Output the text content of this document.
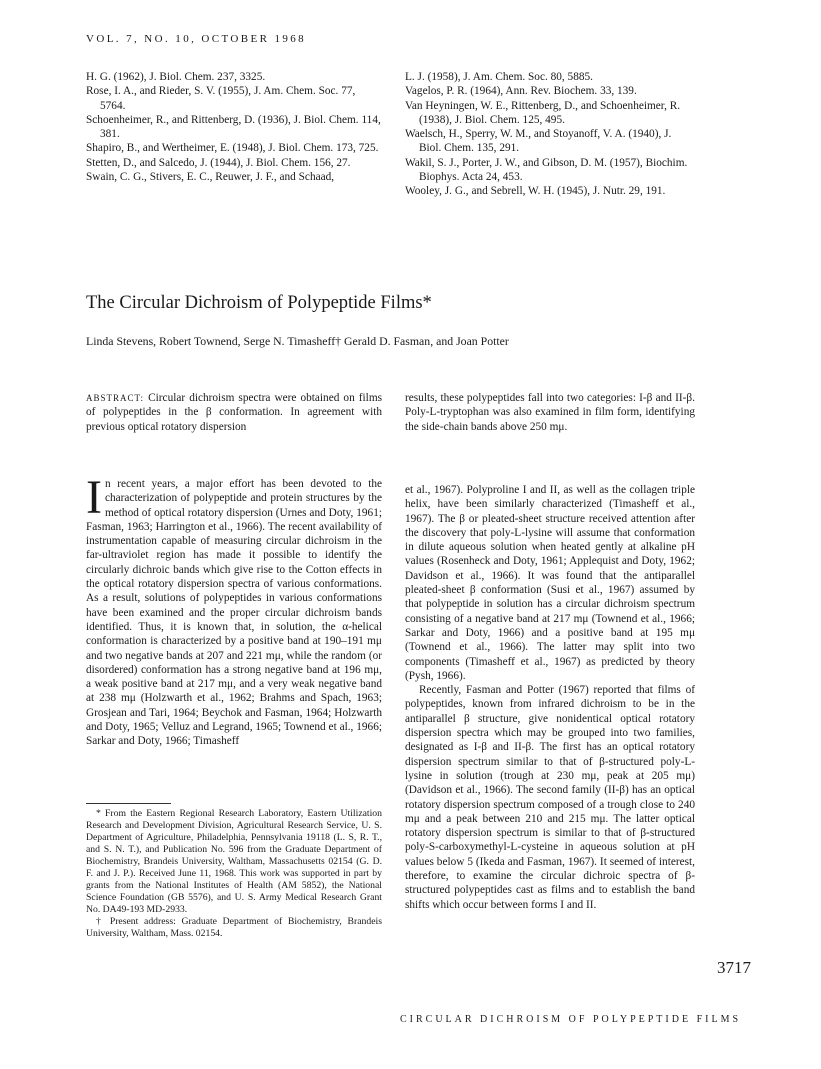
VOL. 7, NO. 10, OCTOBER 1968

H. G. (1962), J. Biol. Chem. 237, 3325.

Rose, I. A., and Rieder, S. V. (1955), J. Am. Chem. Soc. 77, 5764.

Schoenheimer, R., and Rittenberg, D. (1936), J. Biol. Chem. 114, 381.

Shapiro, B., and Wertheimer, E. (1948), J. Biol. Chem. 173, 725.

Stetten, D., and Salcedo, J. (1944), J. Biol. Chem. 156, 27.

Swain, C. G., Stivers, E. C., Reuwer, J. F., and Schaad,

L. J. (1958), J. Am. Chem. Soc. 80, 5885.

Vagelos, P. R. (1964), Ann. Rev. Biochem. 33, 139.

Van Heyningen, W. E., Rittenberg, D., and Schoenheimer, R. (1938), J. Biol. Chem. 125, 495.

Waelsch, H., Sperry, W. M., and Stoyanoff, V. A. (1940), J. Biol. Chem. 135, 291.

Wakil, S. J., Porter, J. W., and Gibson, D. M. (1957), Biochim. Biophys. Acta 24, 453.

Wooley, J. G., and Sebrell, W. H. (1945), J. Nutr. 29, 191.

The Circular Dichroism of Polypeptide Films*
Linda Stevens, Robert Townend, Serge N. Timasheff† Gerald D. Fasman, and Joan Potter
ABSTRACT: Circular dichroism spectra were obtained on films of polypeptides in the β conformation. In agreement with previous optical rotatory dispersion
results, these polypeptides fall into two categories: I-β and II-β. Poly-L-tryptophan was also examined in film form, identifying the side-chain bands above 250 mμ.
In recent years, a major effort has been devoted to the characterization of polypeptide and protein structures by the method of optical rotatory dispersion (Urnes and Doty, 1961; Fasman, 1963; Harrington et al., 1966). The recent availability of instrumentation capable of measuring circular dichroism in the far-ultraviolet region has made it possible to identify the circularly dichroic bands which give rise to the Cotton effects in the optical rotatory dispersion spectra of various conformations. As a result, solutions of polypeptides in various conformations have been examined and the proper circular dichroism bands identified. Thus, it is known that, in solution, the α-helical conformation is characterized by a positive band at 190–191 mμ and two negative bands at 207 and 221 mμ, while the random (or disordered) conformation has a strong negative band at 196 mμ, a weak positive band at 217 mμ, and a very weak negative band at 238 mμ (Holzwarth et al., 1962; Brahms and Spach, 1963; Grosjean and Tari, 1964; Beychok and Fasman, 1964; Holzwarth and Doty, 1965; Velluz and Legrand, 1965; Townend et al., 1966; Sarkar and Doty, 1966; Timasheff

et al., 1967). Polyproline I and II, as well as the collagen triple helix, have been similarly characterized (Timasheff et al., 1967). The β or pleated-sheet structure received attention after the discovery that poly-L-lysine will assume that conformation in dilute aqueous solution when heated gently at alkaline pH values (Rosenheck and Doty, 1961; Applequist and Doty, 1962; Davidson et al., 1966). It was found that the antiparallel pleated-sheet β conformation (Susi et al., 1967) assumed by that polypeptide in solution has a circular dichroism spectrum consisting of a negative band at 217 mμ (Townend et al., 1966; Sarkar and Doty, 1966) and a positive band at 195 mμ (Townend et al., 1966). The latter may split into two components (Timasheff et al., 1967) as predicted by theory (Pysh, 1966).

Recently, Fasman and Potter (1967) reported that films of polypeptides, known from infrared dichroism to be in the antiparallel β structure, give nonidentical optical rotatory dispersion spectra which may be grouped into two families, designated as I-β and II-β. The first has an optical rotatory dispersion spectrum similar to that of β-structured poly-L-lysine in solution (trough at 230 mμ, peak at 205 mμ) (Davidson et al., 1966). The second family (II-β) has an optical rotatory dispersion spectrum composed of a trough close to 240 mμ and a peak between 210 and 215 mμ. The latter optical rotatory dispersion spectrum is similar to that of β-structured poly-S-carboxymethyl-L-cysteine in aqueous solution at pH values below 5 (Ikeda and Fasman, 1967). It seemed of interest, therefore, to examine the circular dichroic spectra of β-structured polypeptides cast as films and to establish the band shifts which occur between forms I and II.

* From the Eastern Regional Research Laboratory, Eastern Utilization Research and Development Division, Agricultural Research Service, U. S. Department of Agriculture, Philadelphia, Pennsylvania 19118 (L. S, R. T., and S. N. T.), and Publication No. 596 from the Graduate Department of Biochemistry, Brandeis University, Waltham, Massachusetts 02154 (G. D. F. and J. P.). Received June 11, 1968. This work was supported in part by grants from the National Institutes of Health (AM 5852), the National Science Foundation (GB 5576), and U. S. Army Medical Research Grant No. DA49-193 MD-2933.

† Present address: Graduate Department of Biochemistry, Brandeis University, Waltham, Mass. 02154.

3717
CIRCULAR DICHROISM OF POLYPEPTIDE FILMS
